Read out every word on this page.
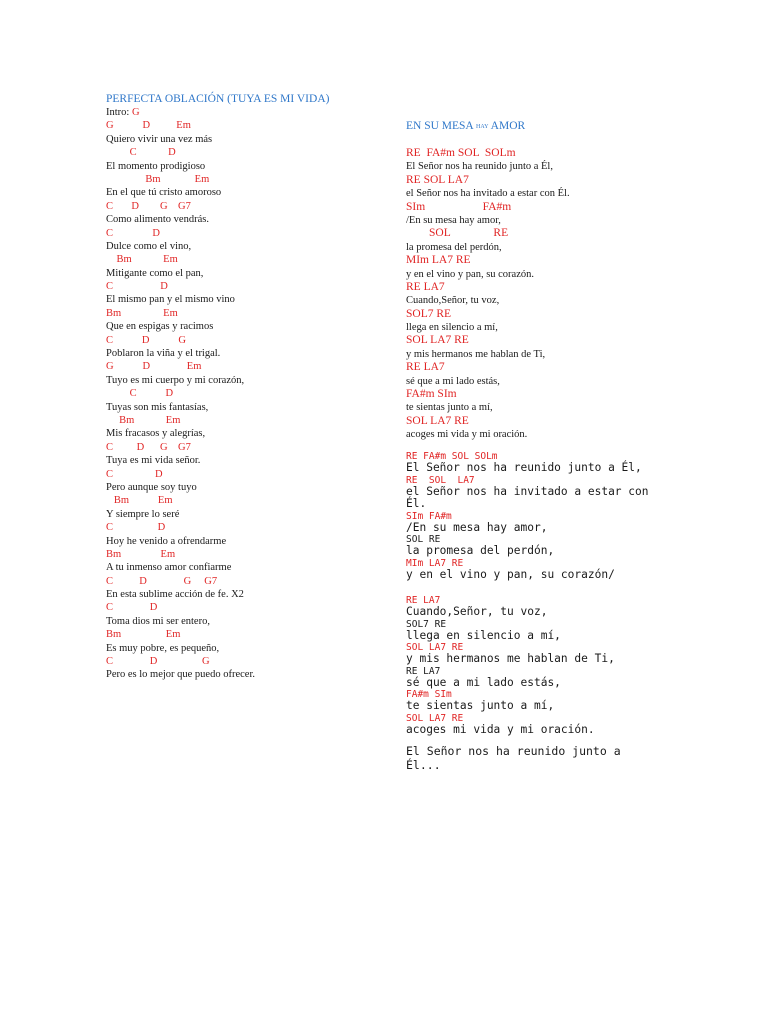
PERFECTA OBLACIÓN (TUYA ES MI VIDA)
Intro: G
G           D          Em
Quiero vivir una vez más
C            D
El momento prodigioso
Bm             Em
En el que tú cristo amoroso
C       D        G    G7
Como alimento vendrás.
C               D
Dulce como el vino,
Bm            Em
Mitigante como el pan,
C                  D
El mismo pan y el mismo vino
Bm                Em
Que en espigas y racimos
C           D           G
Poblaron la viña y el trigal.
G           D              Em
Tuyo es mi cuerpo y mi corazón,
C           D
Tuyas son mis fantasías,
Bm            Em
Mis fracasos y alegrías,
C         D      G    G7
Tuya es mi vida señor.
C                D
Pero aunque soy tuyo
Bm           Em
Y siempre lo seré
C                 D
Hoy he venido a ofrendarme
Bm               Em
A tu inmenso amor confiarme
C          D              G     G7
En esta sublime acción de fe. X2
C              D
Toma dios mi ser entero,
Bm                 Em
Es muy pobre, es pequeño,
C              D                 G
Pero es lo mejor que puedo ofrecer.
EN SU MESA $^{HAY}$ AMOR
RE  FA#m SOL  SOLm
El Señor nos ha reunido junto a Él,
RE SOL LA7
el Señor nos ha invitado a estar con Él.
SIm                    FA#m
/En su mesa hay amor,
SOL               RE
la promesa del perdón,
MIm LA7 RE
y en el vino y pan, su corazón.
RE LA7
Cuando,Señor, tu voz,
SOL7 RE
llega en silencio a mí,
SOL LA7 RE
y mis hermanos me hablan de Ti,
RE LA7
sé que a mi lado estás,
FA#m SIm
te sientas junto a mí,
SOL LA7 RE
acoges mi vida y mi oración.
RE FA#m SOL SOLm
El Señor nos ha reunido junto a Él,
RE  SOL  LA7
el Señor nos ha invitado a estar con
Él.
SIm FA#m
/En su mesa hay amor,
SOL RE
la promesa del perdón,
MIm LA7 RE
y en el vino y pan, su corazón/
RE LA7
Cuando,Señor, tu voz,
SOL7 RE
llega en silencio a mí,
SOL LA7 RE
y mis hermanos me hablan de Ti,
RE LA7
sé que a mi lado estás,
FA#m SIm
te sientas junto a mí,
SOL LA7 RE
acoges mi vida y mi oración.
El Señor nos ha reunido junto a
Él...
